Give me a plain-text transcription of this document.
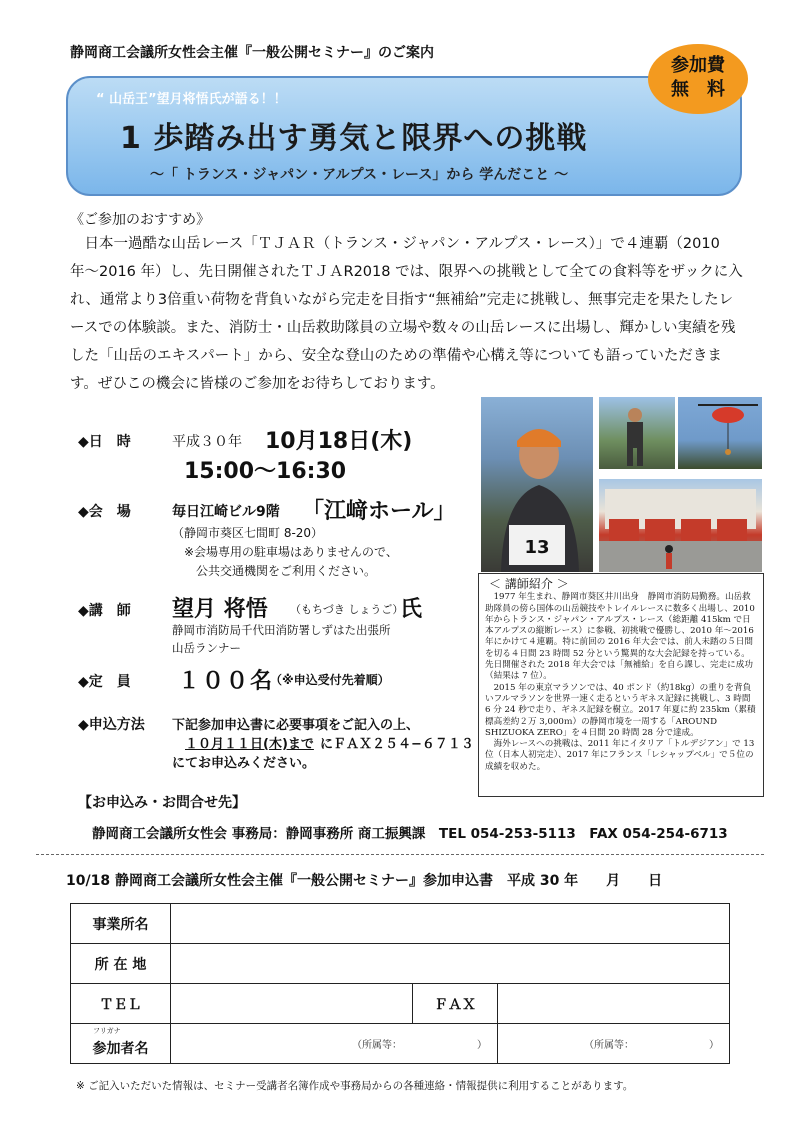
静岡商工会議所女性会主催『一般公開セミナー』のご案内
“ 山岳王”望月将悟氏が語る！！
1 歩踏み出す勇気と限界への挑戦
〜「 トランス・ジャパン・アルプス・レース」から 学んだこと 〜
参加費
無　料
《ご参加のおすすめ》
日本一過酷な山岳レース「ＴＪＡＲ（トランス・ジャパン・アルプス・レース）」で４連覇（2010年〜2016 年）し、先日開催されたＴＪＡR2018 では、限界への挑戦として全ての食料等をザックに入れ、通常より3倍重い荷物を背負いながら完走を目指す“無補給”完走に挑戦し、無事完走を果たしたレースでの体験談。また、消防士・山岳救助隊員の立場や数々の山岳レースに出場し、輝かしい実績を残した「山岳のエキスパート」から、安全な登山のための準備や心構え等についても語っていただきます。ぜひこの機会に皆様のご参加をお待ちしております。
◆日　時	平成３０年 10月18日(木)
15:00〜16:30
◆会　場	毎日江崎ビル9階 「江﨑ホール」
（静岡市葵区七間町 8-20）
※会場専用の駐車場はありませんので、
公共交通機関をご利用ください。
◆講　師 望月 将悟 （もちづき しょうご）
氏
静岡市消防局千代田消防署しずはた出張所
山岳ランナー
◆定　員 １００名
（※申込受付先着順）
◆申込方法 下記参加申込書に必要事項をご記入の上、
１０月１１日(木)まで にＦＡＸ２５４−６７１３
にてお申込みください。
13
＜ 講師紹介 ＞

1977 年生まれ、静岡市葵区井川出身　静岡市消防局勤務。山岳救助隊員の傍ら国体の山岳競技やトレイルレースに数多く出場し、2010 年からトランス・ジャパン・アルプス・レース（総距離 415km で日本アルプスの縦断レース）に参戦、初挑戦で優勝し、2010 年〜2016 年にかけて４連覇。特に前回の 2016 年大会では、前人未踏の５日間を切る４日間 23 時間 52 分という驚異的な大会記録を持っている。先日開催された 2018 年大会では「無補給」を自ら課し、完走に成功（結果は 7 位）。

2015 年の東京マラソンでは、40 ポンド（約18kg）の重りを背負いフルマラソンを世界一速く走るというギネス記録に挑戦し、3 時間 6 分 24 秒で走り、ギネス記録を樹立。2017 年夏に約 235km（累積標高差約２万 3,000ｍ）の静岡市境を一周する「AROUND SHIZUOKA ZERO」を４日間 20 時間 28 分で達成。

海外レースへの挑戦は、2011 年にイタリア「トルデジアン」で 13 位（日本人初完走）、2017 年にフランス「レシャップベル」で５位の成績を収めた。

【お申込み・お問合せ先】
静岡商工会議所女性会 事務局：静岡事務所 商工振興課　TEL 054-253-5113　FAX 054-254-6713
10/18 静岡商工会議所女性会主催『一般公開セミナー』参加申込書　平成 30 年　　月　　日
事業所名			
所 在 地			
ＴＥＬ		ＦＡＸ	

フリガナ
参加者名	（所属等：　　　　　　　　）		（所属等：　　　　　　　　）
※ ご記入いただいた情報は、セミナー受講者名簿作成や事務局からの各種連絡・情報提供に利用することがあります。
